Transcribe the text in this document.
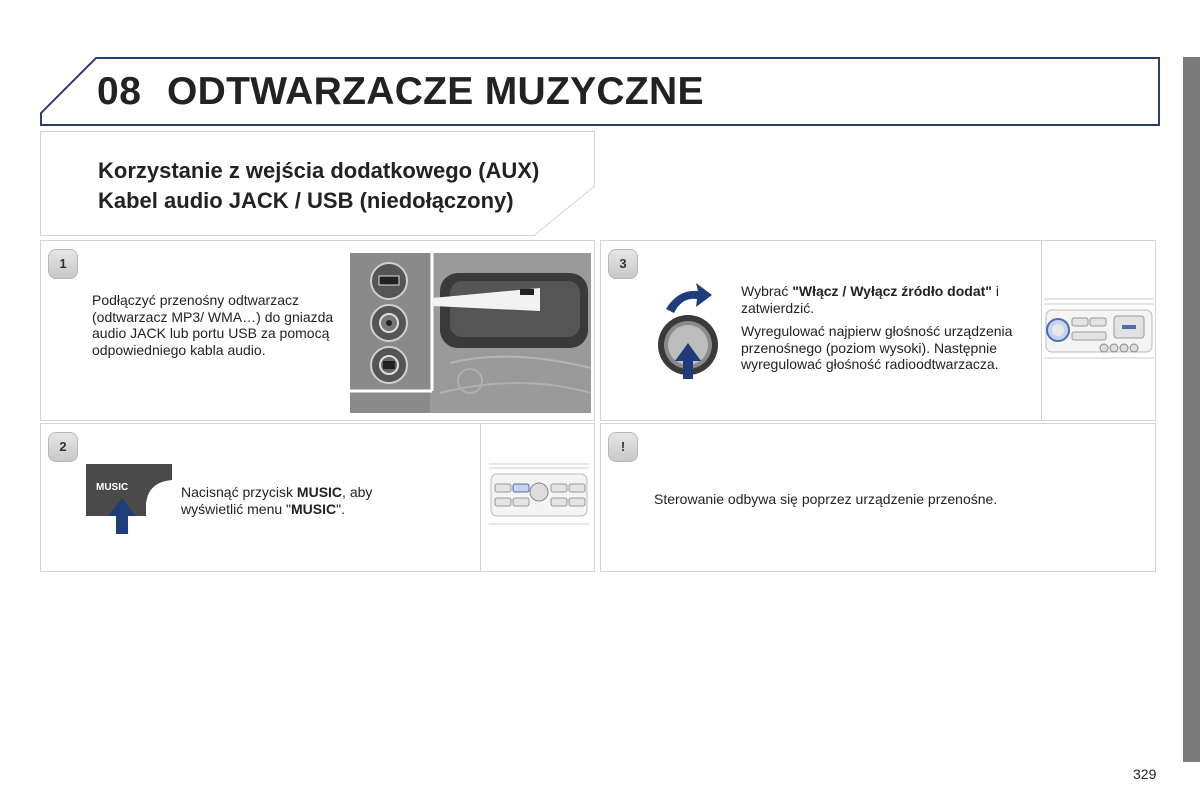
08 ODTWARZACZE MUZYCZNE
Korzystanie z wejścia dodatkowego (AUX)
Kabel audio JACK / USB (niedołączony)
1
Podłączyć przenośny odtwarzacz (odtwarzacz MP3/ WMA…) do gniazda audio JACK lub portu USB za pomocą odpowiedniego kabla audio.
2
MUSIC	Nacisnąć przycisk MUSIC, aby wyświetlić menu "MUSIC".
3

Wybrać "Włącz / Wyłącz źródło dodat" i zatwierdzić.

Wyregulować najpierw głośność urządzenia przenośnego (poziom wysoki). Następnie wyregulować głośność radioodtwarzacza.

!
Sterowanie odbywa się poprzez urządzenie przenośne.
329
